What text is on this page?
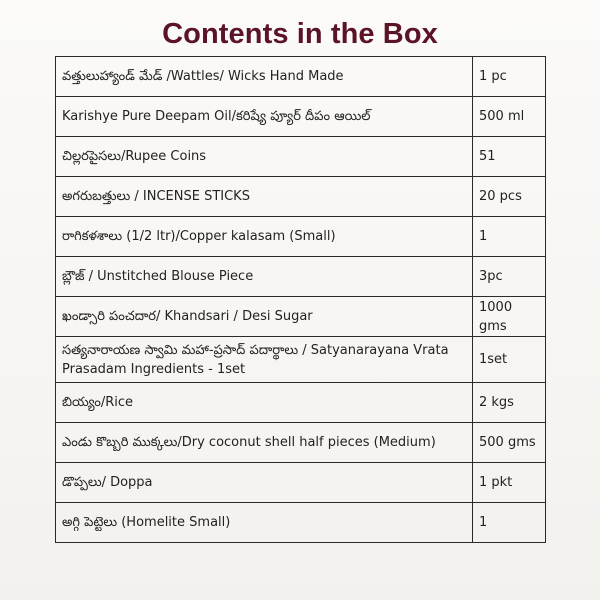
Contents in the Box
వత్తులుహ్యాండ్ మేడ్ /Wattles/ Wicks Hand Made	1 pc
Karishye Pure Deepam Oil/కరిష్యే ప్యూర్ దీపం ఆయిల్	500 ml
చిల్లరపైసలు/Rupee Coins	51
అగరుబత్తులు / INCENSE STICKS	20 pcs
రాగికళశాలు (1/2 ltr)/Copper kalasam (Small)	1
బ్లౌజ్ / Unstitched Blouse Piece	3pc
ఖండ్సారి పంచదార/ Khandsari / Desi Sugar	1000 gms
సత్యనారాయణ స్వామి మహా-ప్రసాద్ పదార్థాలు / Satyanarayana Vrata Prasadam Ingredients - 1set	1set
బియ్యం/Rice	2 kgs
ఎండు కొబ్బరి ముక్కలు/Dry coconut shell half pieces (Medium)	500 gms
డొప్పలు/ Doppa	1 pkt
అగ్గి పెట్టెలు (Homelite Small)	1
